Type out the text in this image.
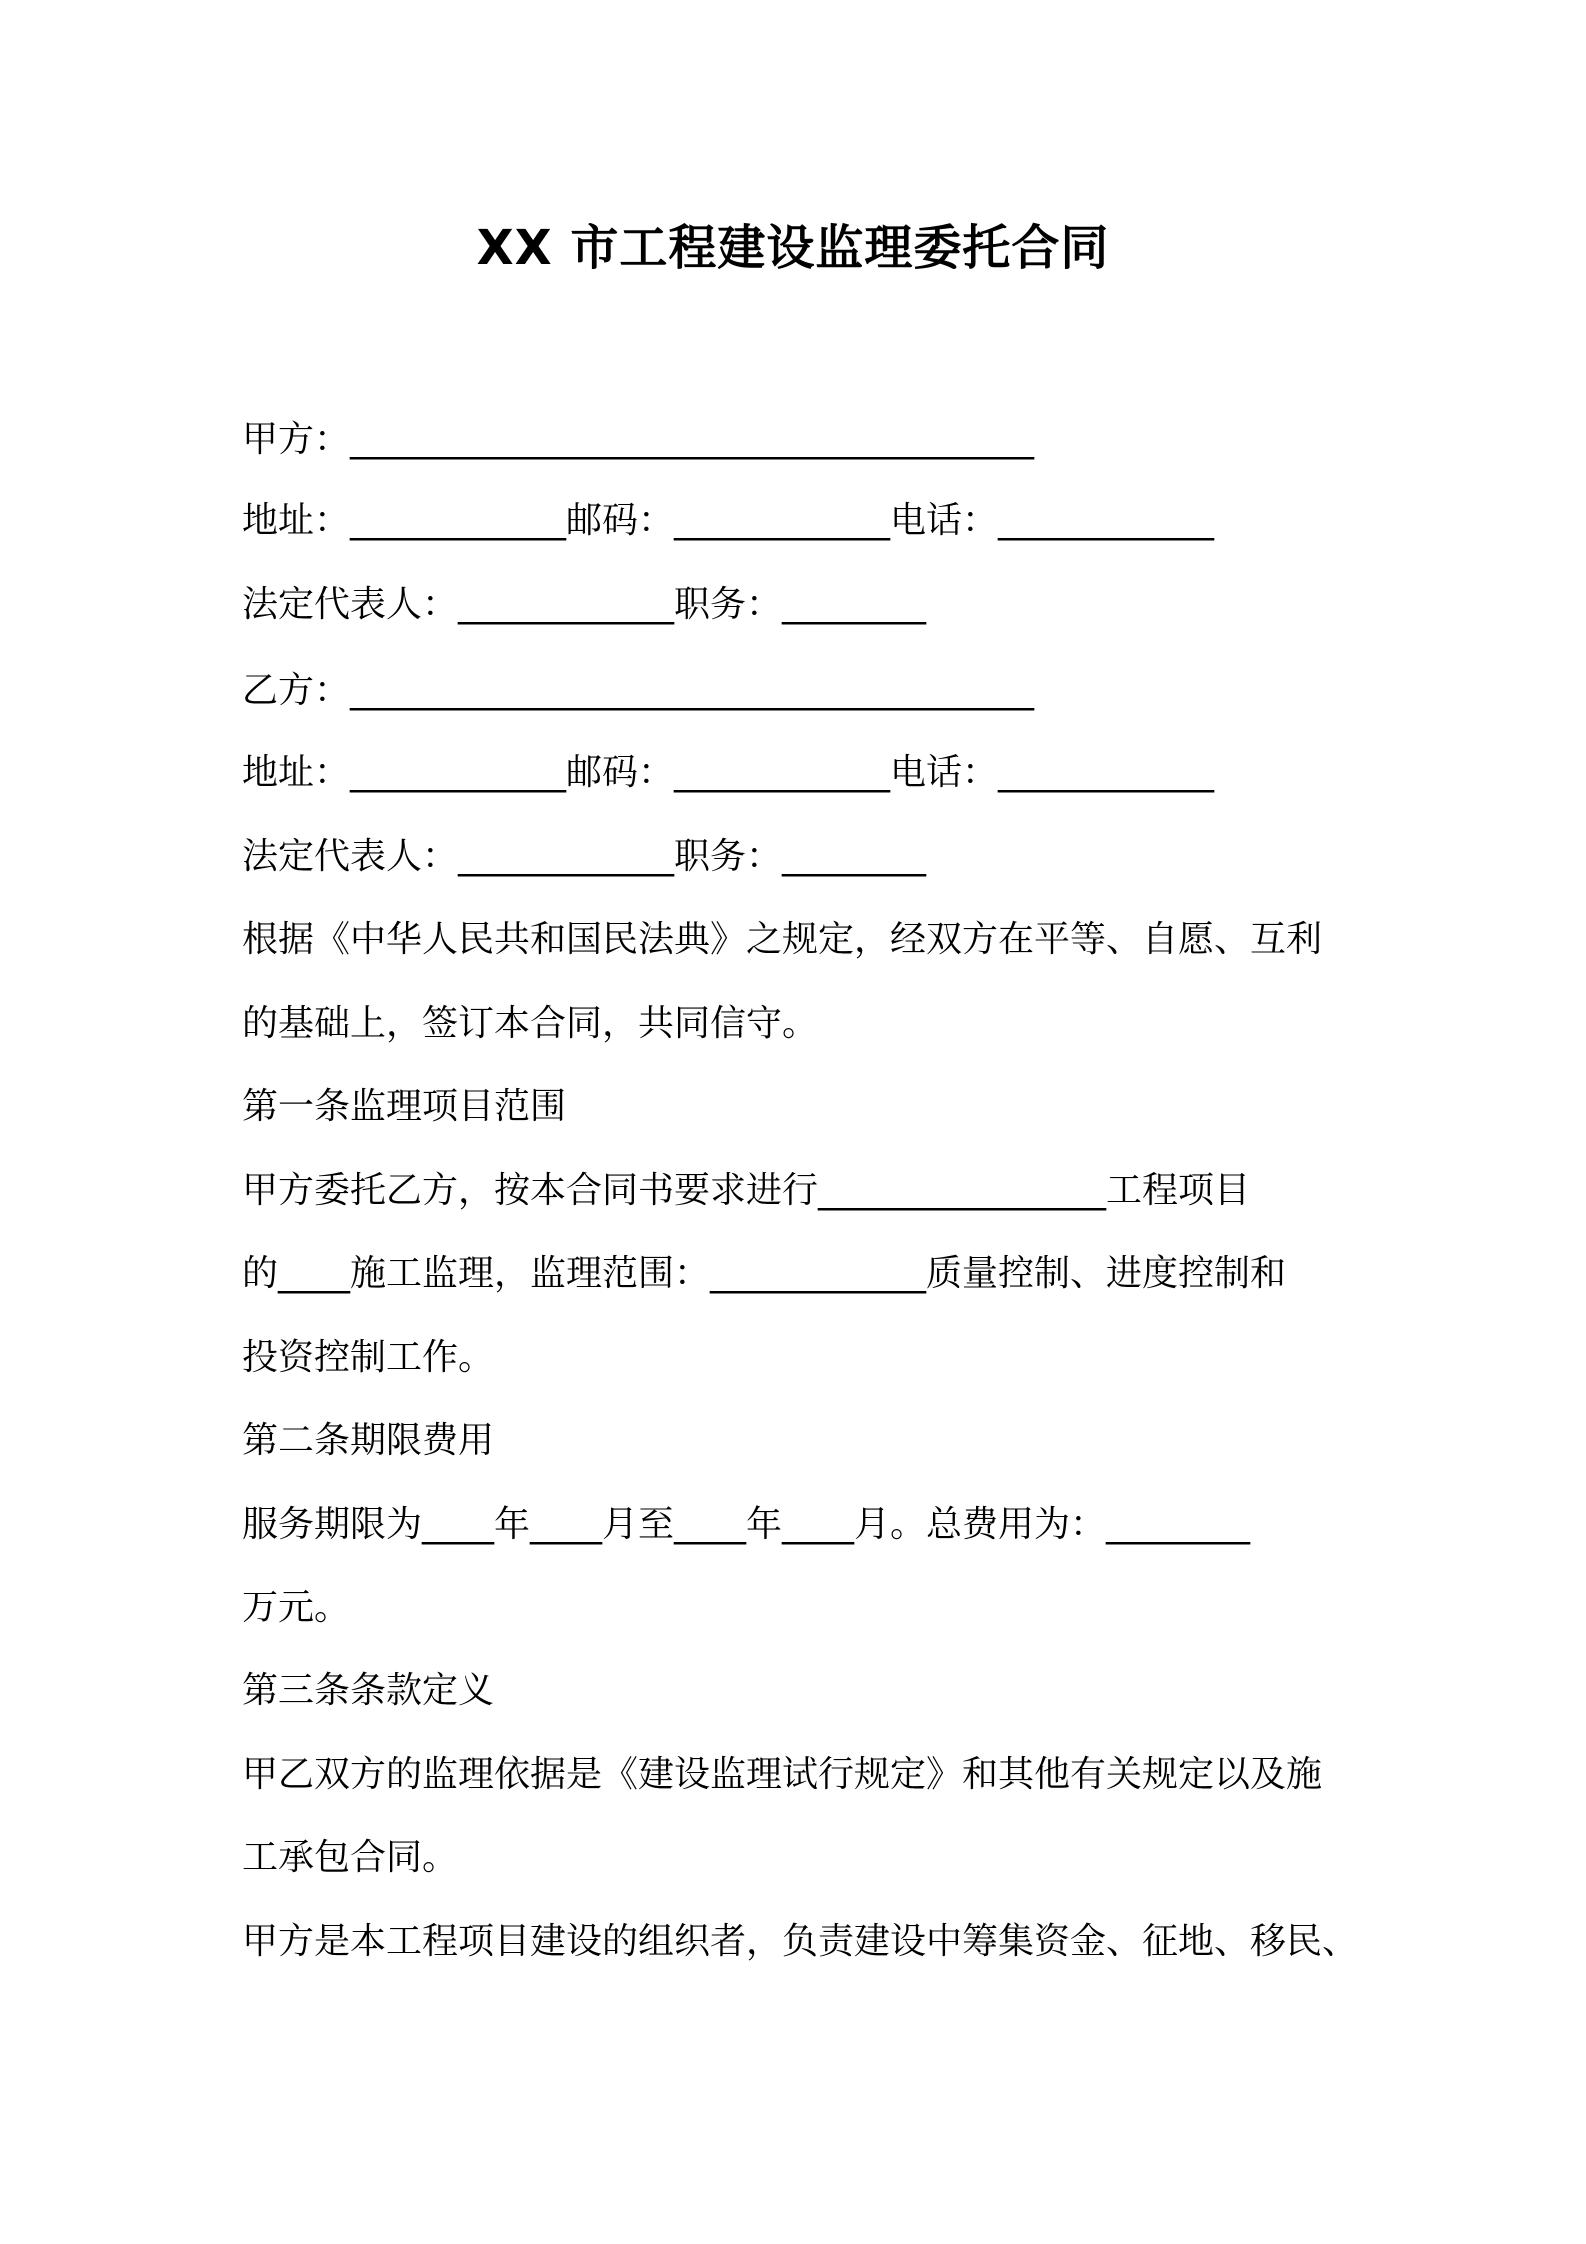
XX 市工程建设监理委托合同
甲方：______________________________________
地址：____________邮码：____________电话：____________
法定代表人：____________职务：________
乙方：______________________________________
地址：____________邮码：____________电话：____________
法定代表人：____________职务：________
根据《中华人民共和国民法典》之规定，经双方在平等、自愿、互利
的基础上，签订本合同，共同信守。
第一条监理项目范围
甲方委托乙方，按本合同书要求进行________________工程项目
的____施工监理，监理范围：____________质量控制、进度控制和
投资控制工作。
第二条期限费用
服务期限为____年____月至____年____月。总费用为：________
万元。
第三条条款定义
甲乙双方的监理依据是《建设监理试行规定》和其他有关规定以及施
工承包合同。
甲方是本工程项目建设的组织者，负责建设中筹集资金、征地、移民、
